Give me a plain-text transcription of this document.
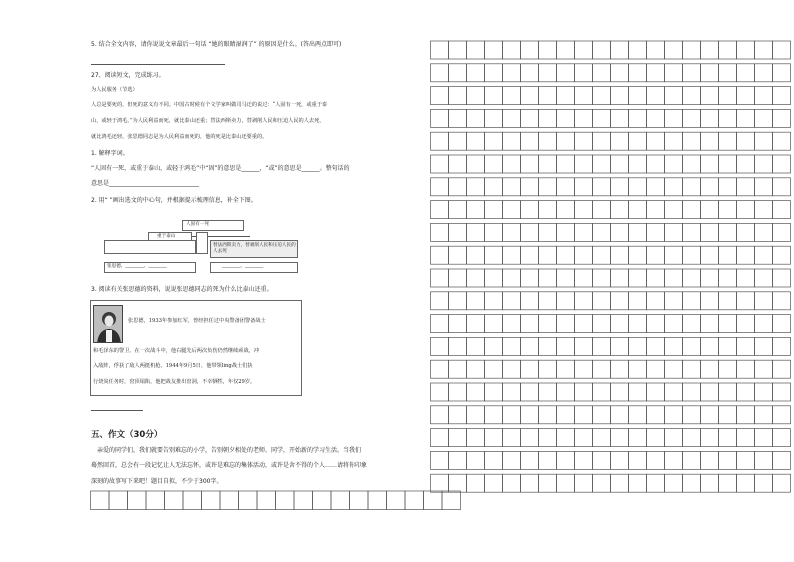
5. 结合全文内容，请你说说文章最后一句话 “她的眼睛湿润了” 的原因是什么。(答出两点即可)
27、阅读短文，完成练习。
为人民服务（节选）
人总是要死的，但死的意义有不同。中国古时候有个文学家叫做司马迁的说过：“人固有一死，或重于泰
山，或轻于鸿毛。”为人民利益而死，就比泰山还重；替法西斯卖力，替剥削人民和压迫人民的人去死，
就比鸿毛还轻。张思德同志是为人民利益而死的，他的死是比泰山还要重的。
1. 解释字词。
“人固有一死，或重于泰山，或轻于鸿毛”中“固”的意思是______，“或”的意思是______。整句话的
意思是______________________________
2. 用“ ”画出选文的中心句，并根据提示梳理信息，补全下图。
人固有一死
重于泰山
替法西斯卖力，替剥削人民和压迫人民的人去死
张思德、________、________	________、________
3. 阅读有关张思德的资料，说说张思德同志的死为什么比泰山还重。
张思德，1933年参加红军，曾经担任过中央警备团警备战士
和毛泽东的警卫。在一次战斗中，他右腿先后两次负伤仍然继续顽战，冲
入敌阵，俘获了敌人两挺机枪。1944年9月5日，他带领ling战士们执
行烧炭任务时，窑顶塌陷，他把战友推出窑洞，不幸牺牲，年仅29岁。
五、作文（30分）
亲爱的同学们，我们就要告别难忘的小学，告别朝夕相处的老师、同学，开始新的学习生活。当我们
蓦然回首，总会有一段记忆让人无法忘怀，或许是难忘的集体活动，或许是舍不得的个人……请将你印象
深刻的故事写下来吧！题目自拟，不少于300字。
